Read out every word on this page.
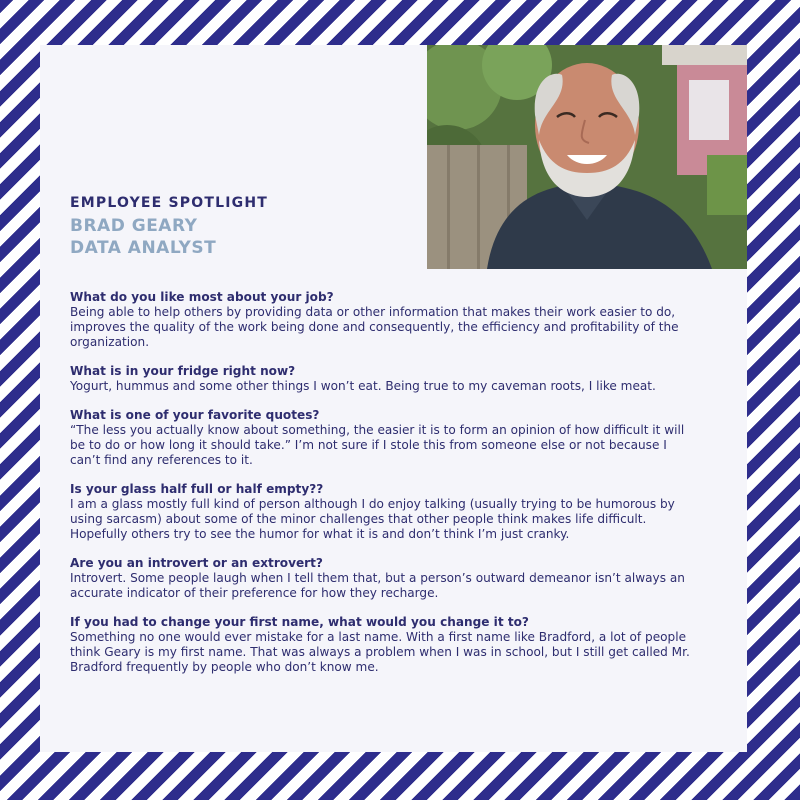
EMPLOYEE SPOTLIGHT
BRAD GEARY
DATA ANALYST
What do you like most about your job?
Being able to help others by providing data or other information that makes their work easier to do, improves the quality of the work being done and consequently, the efficiency and profitability of the organization.
What is in your fridge right now?
Yogurt, hummus and some other things I won’t eat. Being true to my caveman roots, I like meat.
What is one of your favorite quotes?
“The less you actually know about something, the easier it is to form an opinion of how difficult it will be to do or how long it should take.” I’m not sure if I stole this from someone else or not because I can’t find any references to it.
Is your glass half full or half empty??
I am a glass mostly full kind of person although I do enjoy talking (usually trying to be humorous by using sarcasm) about some of the minor challenges that other people think makes life difficult. Hopefully others try to see the humor for what it is and don’t think I’m just cranky.
Are you an introvert or an extrovert?
Introvert. Some people laugh when I tell them that, but a person’s outward demeanor isn’t always an accurate indicator of their preference for how they recharge.
If you had to change your first name, what would you change it to?
Something no one would ever mistake for a last name. With a first name like Bradford, a lot of people think Geary is my first name. That was always a problem when I was in school, but I still get called Mr. Bradford frequently by people who don’t know me.
